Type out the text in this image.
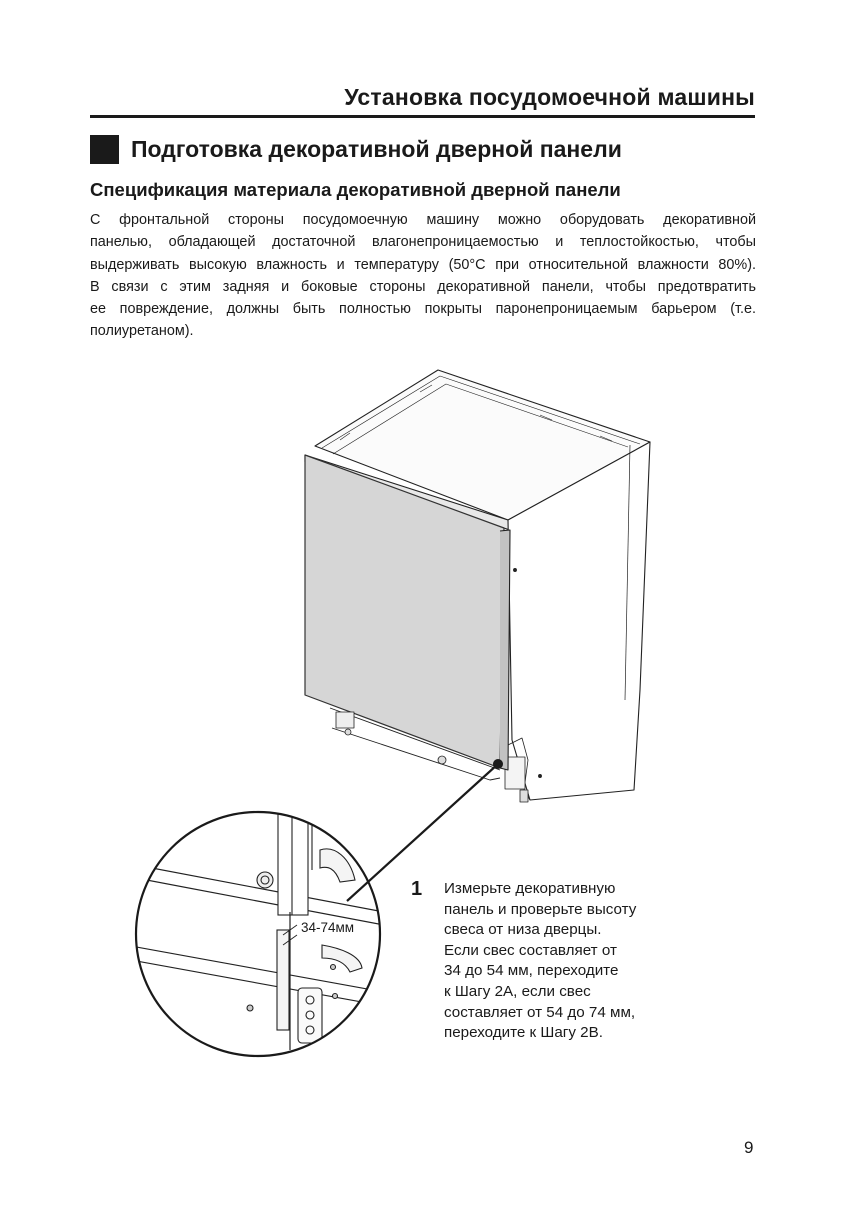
Установка посудомоечной машины
Подготовка декоративной дверной панели
Спецификация материала декоративной дверной панели
С фронтальной стороны посудомоечную машину можно оборудовать декоративной
панелью, обладающей достаточной влагонепроницаемостью и теплостойкостью, чтобы
выдерживать высокую влажность и температуру (50°С при относительной влажности 80%).
В связи с этим задняя и боковые стороны декоративной панели, чтобы предотвратить
ее повреждение, должны быть полностью покрыты паронепроницаемым барьером (т.е.
полиуретаном).
34-74мм
1 Измерьте декоративную
панель и проверьте высоту
свеса от низа дверцы.
Если свес составляет от
34 до 54 мм, переходите
к Шагу 2А, если свес
составляет от 54 до 74 мм,
переходите к Шагу 2В.
9
